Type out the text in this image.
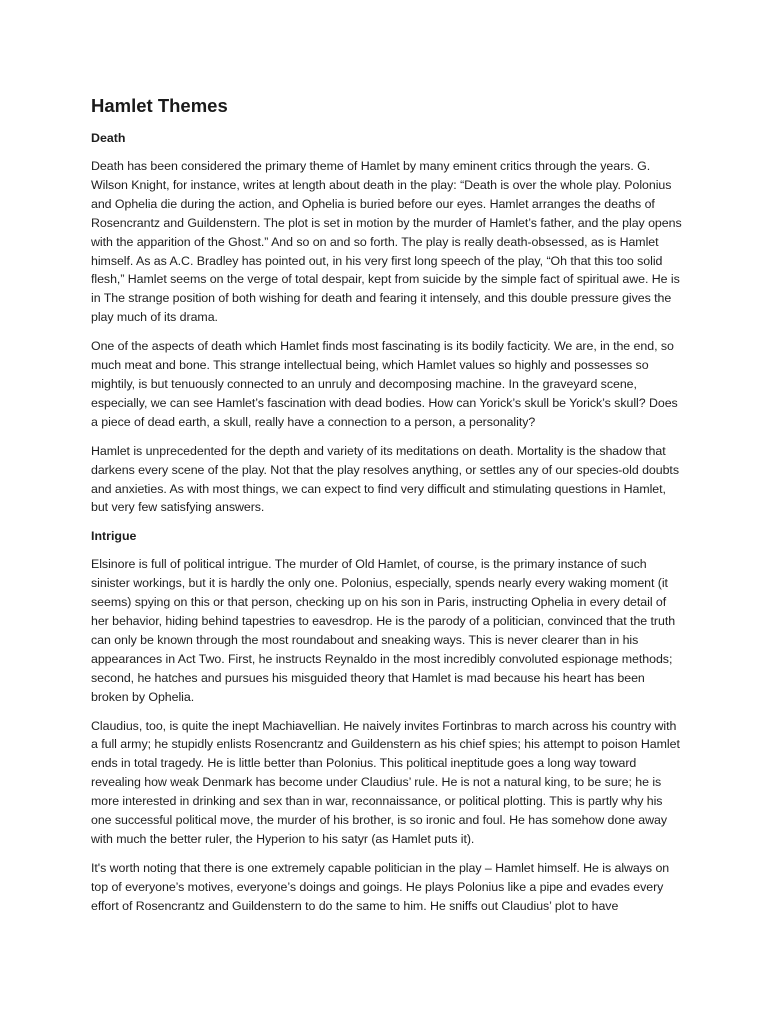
Hamlet Themes
Death

Death has been considered the primary theme of Hamlet by many eminent critics through the years. G. Wilson Knight, for instance, writes at length about death in the play: “Death is over the whole play. Polonius and Ophelia die during the action, and Ophelia is buried before our eyes. Hamlet arranges the deaths of Rosencrantz and Guildenstern. The plot is set in motion by the murder of Hamlet’s father, and the play opens with the apparition of the Ghost.” And so on and so forth. The play is really death-obsessed, as is Hamlet himself. As as A.C. Bradley has pointed out, in his very first long speech of the play, “Oh that this too solid flesh,” Hamlet seems on the verge of total despair, kept from suicide by the simple fact of spiritual awe. He is in The strange position of both wishing for death and fearing it intensely, and this double pressure gives the play much of its drama.

One of the aspects of death which Hamlet finds most fascinating is its bodily facticity. We are, in the end, so much meat and bone. This strange intellectual being, which Hamlet values so highly and possesses so mightily, is but tenuously connected to an unruly and decomposing machine. In the graveyard scene, especially, we can see Hamlet’s fascination with dead bodies. How can Yorick’s skull be Yorick’s skull? Does a piece of dead earth, a skull, really have a connection to a person, a personality?

Hamlet is unprecedented for the depth and variety of its meditations on death. Mortality is the shadow that darkens every scene of the play. Not that the play resolves anything, or settles any of our species-old doubts and anxieties. As with most things, we can expect to find very difficult and stimulating questions in Hamlet, but very few satisfying answers.

Intrigue

Elsinore is full of political intrigue. The murder of Old Hamlet, of course, is the primary instance of such sinister workings, but it is hardly the only one. Polonius, especially, spends nearly every waking moment (it seems) spying on this or that person, checking up on his son in Paris, instructing Ophelia in every detail of her behavior, hiding behind tapestries to eavesdrop. He is the parody of a politician, convinced that the truth can only be known through the most roundabout and sneaking ways. This is never clearer than in his appearances in Act Two. First, he instructs Reynaldo in the most incredibly convoluted espionage methods; second, he hatches and pursues his misguided theory that Hamlet is mad because his heart has been broken by Ophelia.

Claudius, too, is quite the inept Machiavellian. He naively invites Fortinbras to march across his country with a full army; he stupidly enlists Rosencrantz and Guildenstern as his chief spies; his attempt to poison Hamlet ends in total tragedy. He is little better than Polonius. This political ineptitude goes a long way toward revealing how weak Denmark has become under Claudius’ rule. He is not a natural king, to be sure; he is more interested in drinking and sex than in war, reconnaissance, or political plotting. This is partly why his one successful political move, the murder of his brother, is so ironic and foul. He has somehow done away with much the better ruler, the Hyperion to his satyr (as Hamlet puts it).

It's worth noting that there is one extremely capable politician in the play – Hamlet himself. He is always on top of everyone’s motives, everyone’s doings and goings. He plays Polonius like a pipe and evades every effort of Rosencrantz and Guildenstern to do the same to him. He sniffs out Claudius’ plot to have
